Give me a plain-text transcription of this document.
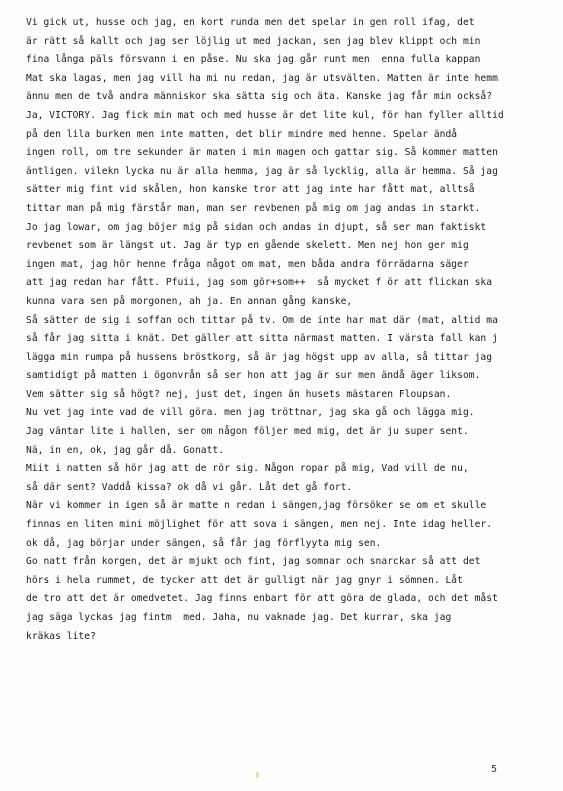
Vi gick ut, husse och jag, en kort runda men det spelar in gen roll ifag, det
är rätt så kallt och jag ser löjlig ut med jackan, sen jag blev klippt och min
fina långa päls försvann i en påse. Nu ska jag går runt men  enna fulla kappan
Mat ska lagas, men jag vill ha mi nu redan, jag är utsvälten. Matten är inte hemm
ännu men de två andra människor ska sätta sig och äta. Kanske jag får min också?
Ja, VICTORY. Jag fick min mat och med husse är det lite kul, för han fyller alltid
på den lila burken men inte matten, det blir mindre med henne. Spelar ändå
ingen roll, om tre sekunder är maten i min magen och gattar sig. Så kommer matten
äntligen. vilekn lycka nu är alla hemma, jag är så lycklig, alla är hemma. Så jag
sätter mig fint vid skålen, hon kanske tror att jag inte har fått mat, alltså
tittar man på mig färstår man, man ser revbenen på mig om jag andas in starkt.
Jo jag lowar, om jag böjer mig på sidan och andas in djupt, så ser man faktiskt
revbenet som är längst ut. Jag är typ en gående skelett. Men nej hon ger mig
ingen mat, jag hör henne fråga något om mat, men båda andra förrädarna säger
att jag redan har fått. Pfuii, jag som gör+som++  så mycket f ör att flickan ska
kunna vara sen på morgonen, ah ja. En annan gång kanske,
Så sätter de sig i soffan och tittar på tv. Om de inte har mat där (mat, altid ma
så får jag sitta i knät. Det gäller att sitta närmast matten. I värsta fall kan j
lägga min rumpa på hussens bröstkorg, så är jag högst upp av alla, så tittar jag
samtidigt på matten i ögonvrån så ser hon att jag är sur men ändå äger liksom.
Vem sätter sig så högt? nej, just det, ingen än husets mästaren Floupsan.
Nu vet jag inte vad de vill göra. men jag tröttnar, jag ska gå och lägga mig.
Jag väntar lite i hallen, ser om någon följer med mig, det är ju super sent.
Nä, in en, ok, jag går då. Gonatt.
Miit i natten så hör jag att de rör sig. Någon ropar på mig, Vad vill de nu,
så där sent? Vaddå kissa? ok då vi går. Låt det gå fort.
När vi kommer in igen så är matte n redan i sängen,jag försöker se om et skulle
finnas en liten mini möjlighet för att sova i sängen, men nej. Inte idag heller.
ok då, jag börjar under sängen, så får jag förflyyta mig sen.
Go natt från korgen, det är mjukt och fint, jag somnar och snarckar så att det
hörs i hela rummet, de tycker att det är gulligt när jag gnyr i sömnen. Låt
de tro att det är omedvetet. Jag finns enbart för att göra de glada, och det måst
jag säga lyckas jag fintm  med. Jaha, nu vaknade jag. Det kurrar, ska jag
kräkas lite?
5
